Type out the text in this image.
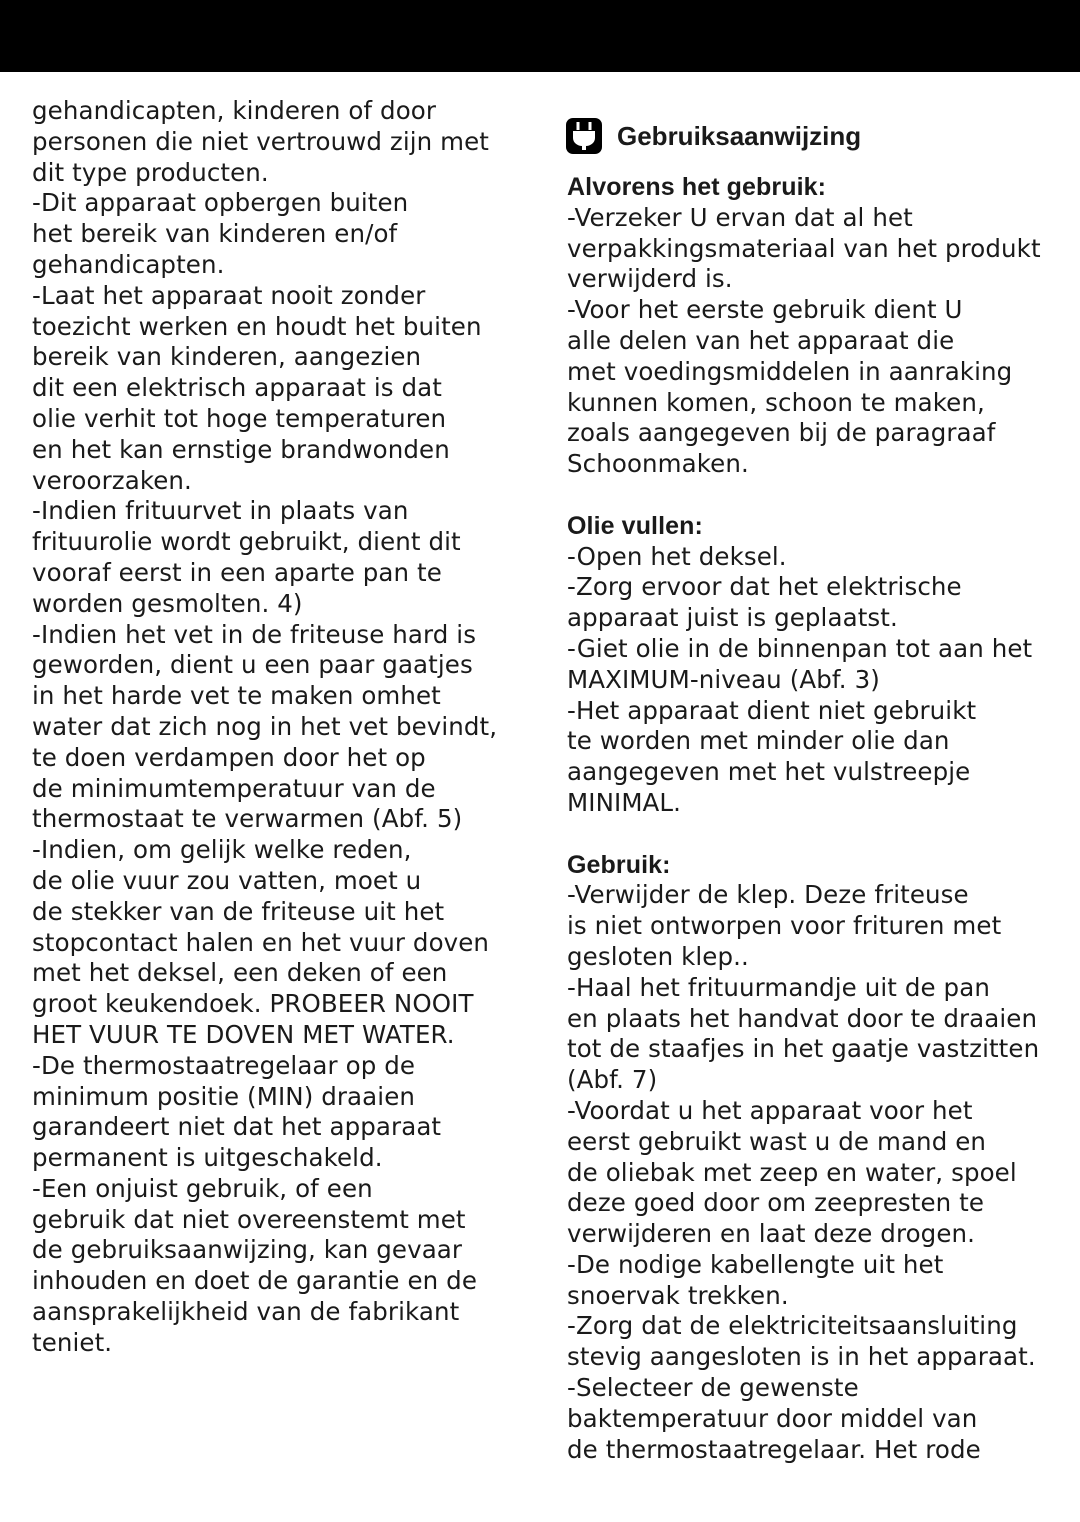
gehandicapten, kinderen of door
personen die niet vertrouwd zijn met
dit type producten.
-Dit apparaat opbergen buiten
het bereik van kinderen en/of
gehandicapten.
-Laat het apparaat nooit zonder
toezicht werken en houdt het buiten
bereik van kinderen, aangezien
dit een elektrisch apparaat is dat
olie verhit tot hoge temperaturen
en het kan ernstige brandwonden
veroorzaken.
-Indien frituurvet in plaats van
frituurolie wordt gebruikt, dient dit
vooraf eerst in een aparte pan te
worden gesmolten. 4)
-Indien het vet in de friteuse hard is
geworden, dient u een paar gaatjes
in het harde vet te maken omhet
water dat zich nog in het vet bevindt,
te doen verdampen door het op
de minimumtemperatuur van de
thermostaat te verwarmen (Abf. 5)
-Indien, om gelijk welke reden,
de olie vuur zou vatten, moet u
de stekker van de friteuse uit het
stopcontact halen en het vuur doven
met het deksel, een deken of een
groot keukendoek. PROBEER NOOIT
HET VUUR TE DOVEN MET WATER.
-De thermostaatregelaar op de
minimum positie (MIN) draaien
garandeert niet dat het apparaat
permanent is uitgeschakeld.
-Een onjuist gebruik, of een
gebruik dat niet overeenstemt met
de gebruiksaanwijzing, kan gevaar
inhouden en doet de garantie en de
aansprakelijkheid van de fabrikant
teniet.
Gebruiksaanwijzing
Alvorens het gebruik:
-Verzeker U ervan dat al het
verpakkingsmateriaal van het produkt
verwijderd is.
-Voor het eerste gebruik dient U
alle delen van het apparaat die
met voedingsmiddelen in aanraking
kunnen komen, schoon te maken,
zoals aangegeven bij de paragraaf
Schoonmaken.
Olie vullen:
-Open het deksel.
-Zorg ervoor dat het elektrische
apparaat juist is geplaatst.
-Giet olie in de binnenpan tot aan het
MAXIMUM-niveau (Abf. 3)
-Het apparaat dient niet gebruikt
te worden met minder olie dan
aangegeven met het vulstreepje
MINIMAL.
Gebruik:
-Verwijder de klep. Deze friteuse
is niet ontworpen voor frituren met
gesloten klep..
-Haal het frituurmandje uit de pan
en plaats het handvat door te draaien
tot de staafjes in het gaatje vastzitten
(Abf. 7)
-Voordat u het apparaat voor het
eerst gebruikt wast u de mand en
de oliebak met zeep en water, spoel
deze goed door om zeepresten te
verwijderen en laat deze drogen.
-De nodige kabellengte uit het
snoervak trekken.
-Zorg dat de elektriciteitsaansluiting
stevig aangesloten is in het apparaat.
-Selecteer de gewenste
baktemperatuur door middel van
de thermostaatregelaar. Het rode
